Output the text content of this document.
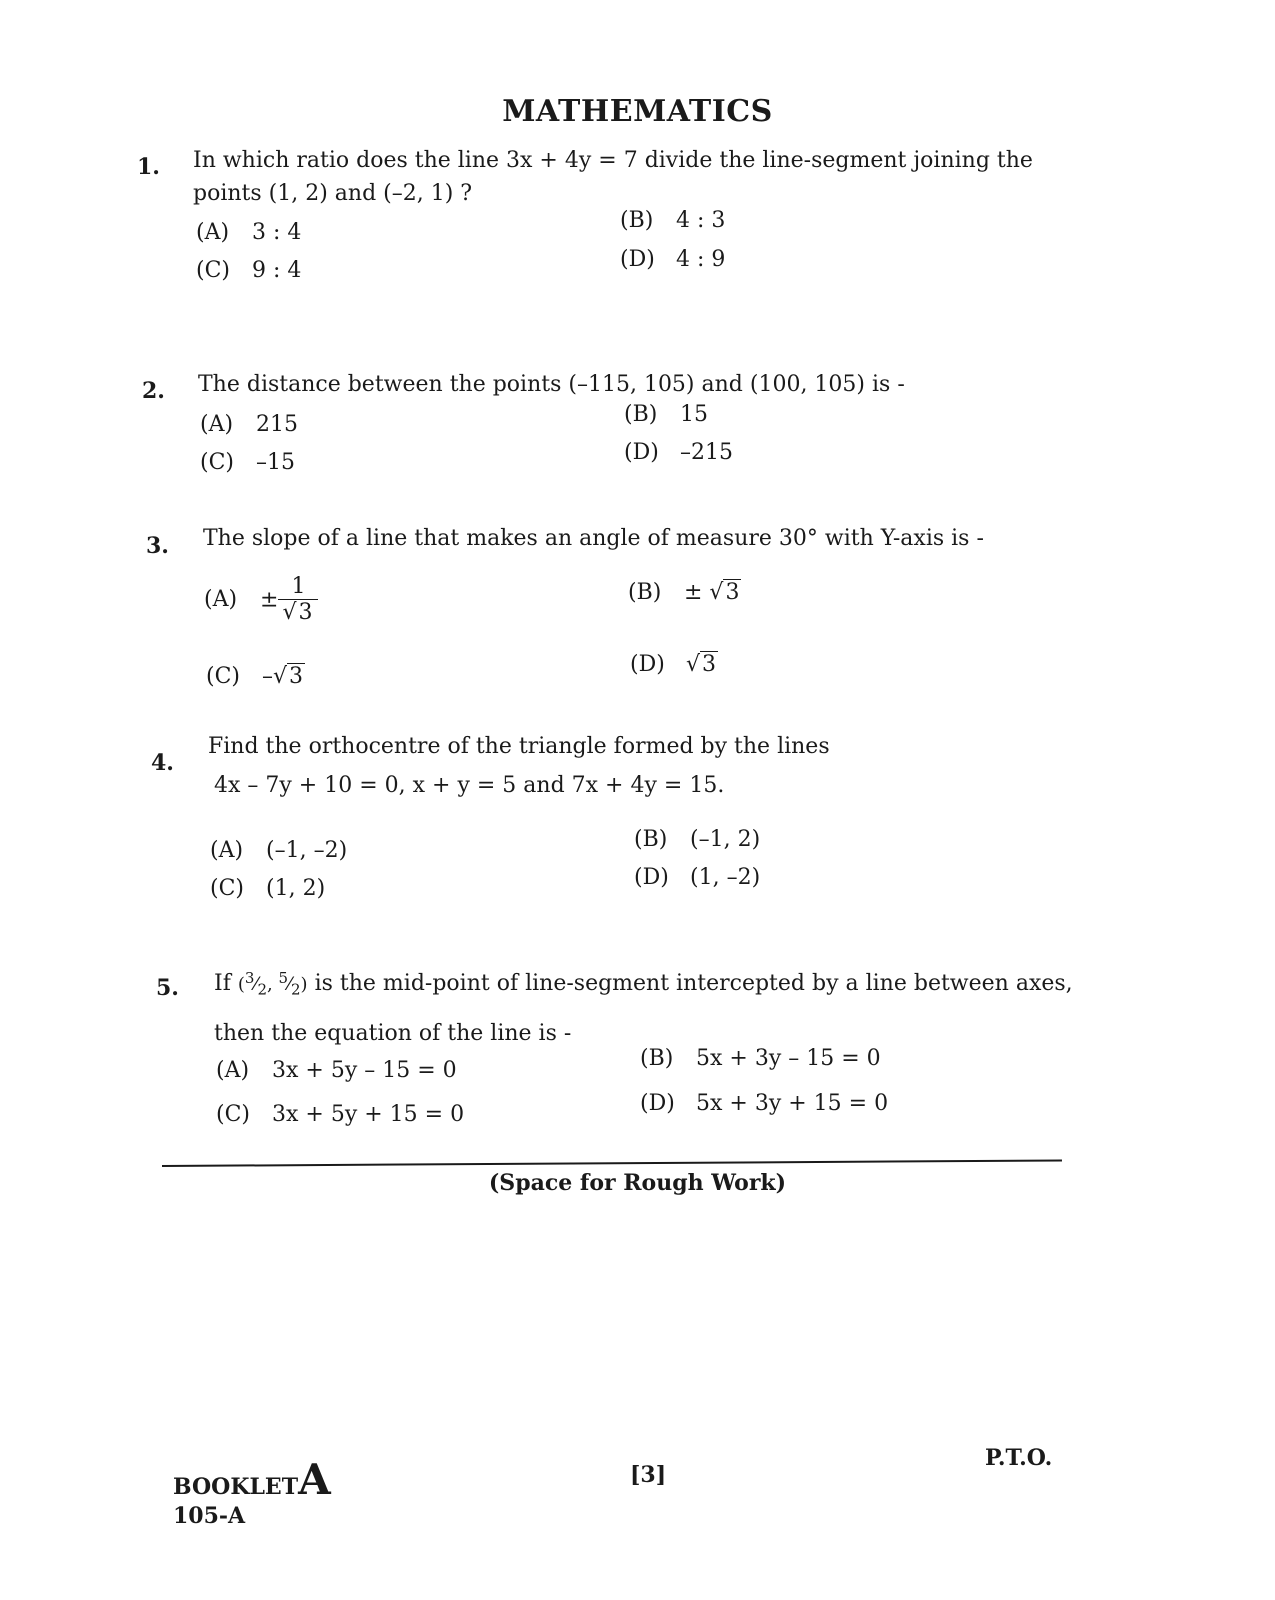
MATHEMATICS
1. In which ratio does the line 3x + 4y = 7 divide the line-segment joining the
points (1, 2) and (–2, 1) ?
(A) 3 : 4	(B) 4 : 3
(C) 9 : 4	(D) 4 : 9
2. The distance between the points (–115, 105) and (100, 105) is -
(A) 215	(B) 15
(C) –15	(D) –215
3. The slope of a line that makes an angle of measure 30° with Y-axis is -
$(A) \pm \frac{1}{√3}$	(B) ± √3
(C) –√3	(D) √3
4.
Find the orthocentre of the triangle formed by the lines
4x – 7y + 10 = 0, x + y = 5 and 7x + 4y = 15.
(A) (–1, –2)	(B) (–1, 2)
(C) (1, 2)	(D) (1, –2)
5. If ($^3⁄_2$, $^5⁄_2$) is the mid-point of line-segment intercepted by a line between axes,
then the equation of the line is -
(A) 3x + 5y – 15 = 0	(B) 5x + 3y – 15 = 0
(C) 3x + 5y + 15 = 0	(D) 5x + 3y + 15 = 0
(Space for Rough Work)
BOOKLETA
105-A
[3]
P.T.O.
